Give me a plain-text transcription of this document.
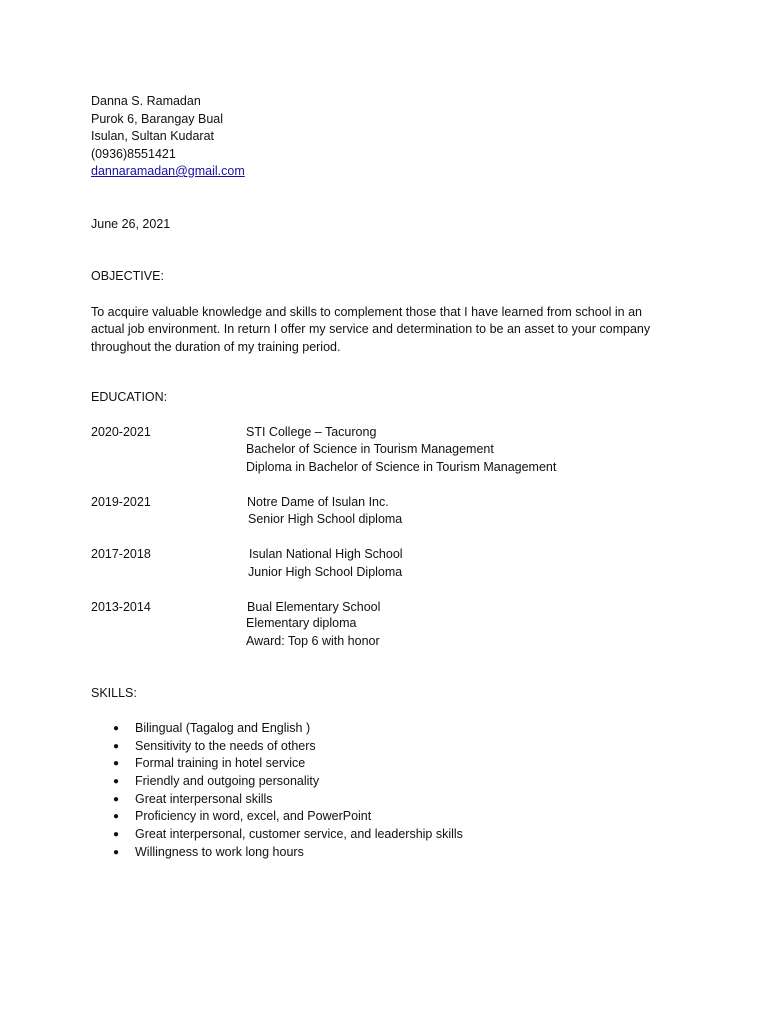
Danna S. Ramadan
Purok 6, Barangay Bual
Isulan, Sultan Kudarat
(0936)8551421
dannaramadan@gmail.com
June 26, 2021
OBJECTIVE:
To acquire valuable knowledge and skills to complement those that I have learned from school in an actual job environment. In return I offer my service and determination to be an asset to your company throughout the duration of my training period.
EDUCATION:
2020-2021	STI College – Tacurong
Bachelor of Science in Tourism Management
Diploma in Bachelor of Science in Tourism Management
2019-2021	Notre Dame of Isulan Inc.
Senior High School diploma
2017-2018	Isulan National High School
Junior High School Diploma
2013-2014	Bual Elementary School
Elementary diploma
Award: Top 6 with honor
SKILLS:
● Bilingual (Tagalog and English )
● Sensitivity to the needs of others
● Formal training in hotel service
● Friendly and outgoing personality
● Great interpersonal skills
● Proficiency in word, excel, and PowerPoint
● Great interpersonal, customer service, and leadership skills
● Willingness to work long hours
